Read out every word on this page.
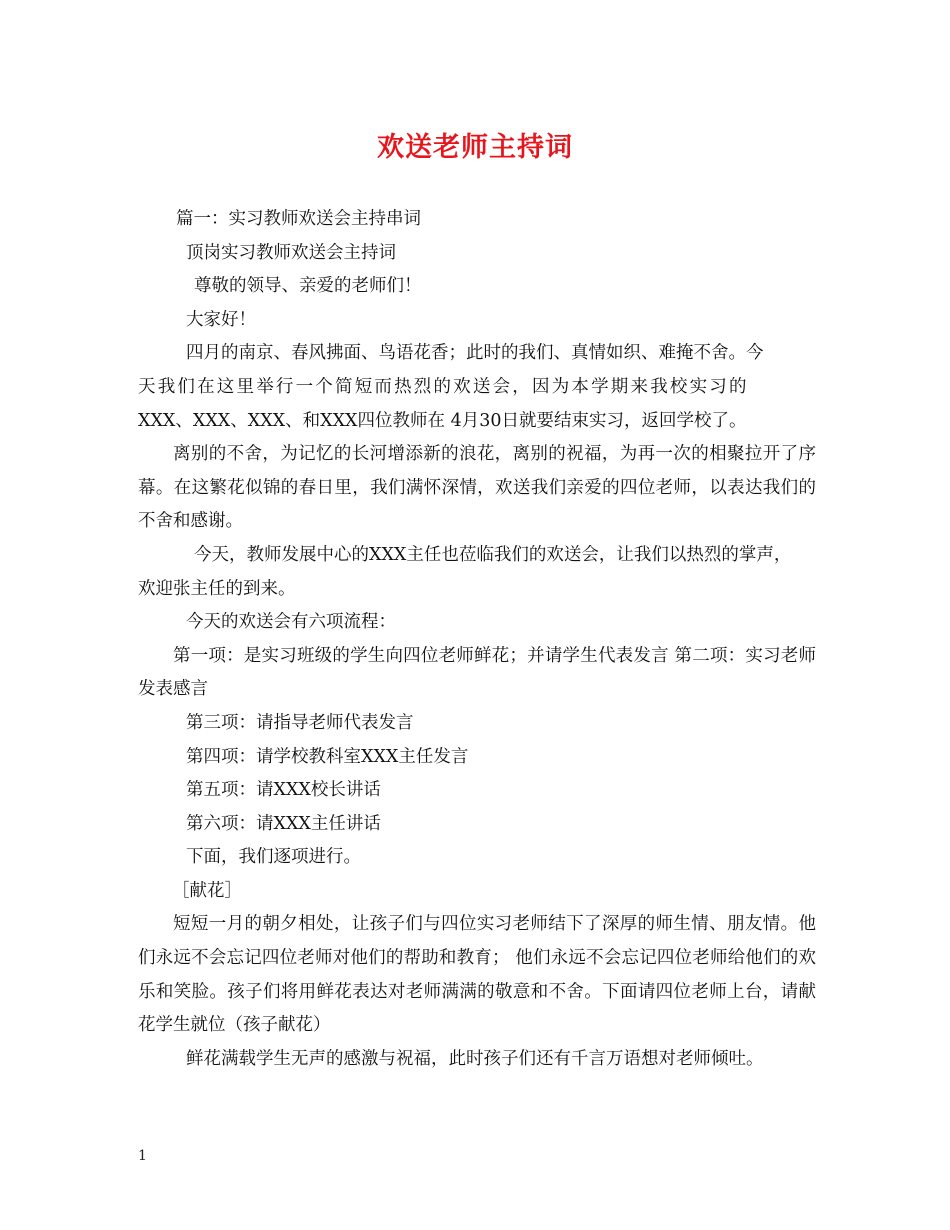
欢送老师主持词

篇一：实习教师欢送会主持串词

顶岗实习教师欢送会主持词

尊敬的领导、亲爱的老师们！

大家好！

四月的南京、春风拂面、鸟语花香；此时的我们、真情如织、难掩不舍。今

天我们在这里举行一个简短而热烈的欢送会，因为本学期来我校实习的

XXX、XXX、XXX、和XXX四位教师在 4月30日就要结束实习，返回学校了。

离别的不舍，为记忆的长河增添新的浪花，离别的祝福，为再一次的相聚拉开了序幕。在这繁花似锦的春日里，我们满怀深情，欢送我们亲爱的四位老师，以表达我们的不舍和感谢。

今天，教师发展中心的XXX主任也莅临我们的欢送会，让我们以热烈的掌声，

欢迎张主任的到来。

今天的欢送会有六项流程：

第一项：是实习班级的学生向四位老师鲜花；并请学生代表发言 第二项：实习老师发表感言

第三项：请指导老师代表发言

第四项：请学校教科室XXX主任发言

第五项：请XXX校长讲话

第六项：请XXX主任讲话

下面，我们逐项进行。

［献花］

短短一月的朝夕相处，让孩子们与四位实习老师结下了深厚的师生情、朋友情。他们永远不会忘记四位老师对他们的帮助和教育； 他们永远不会忘记四位老师给他们的欢乐和笑脸。孩子们将用鲜花表达对老师满满的敬意和不舍。下面请四位老师上台，请献花学生就位（孩子献花）

鲜花满载学生无声的感激与祝福，此时孩子们还有千言万语想对老师倾吐。

1
